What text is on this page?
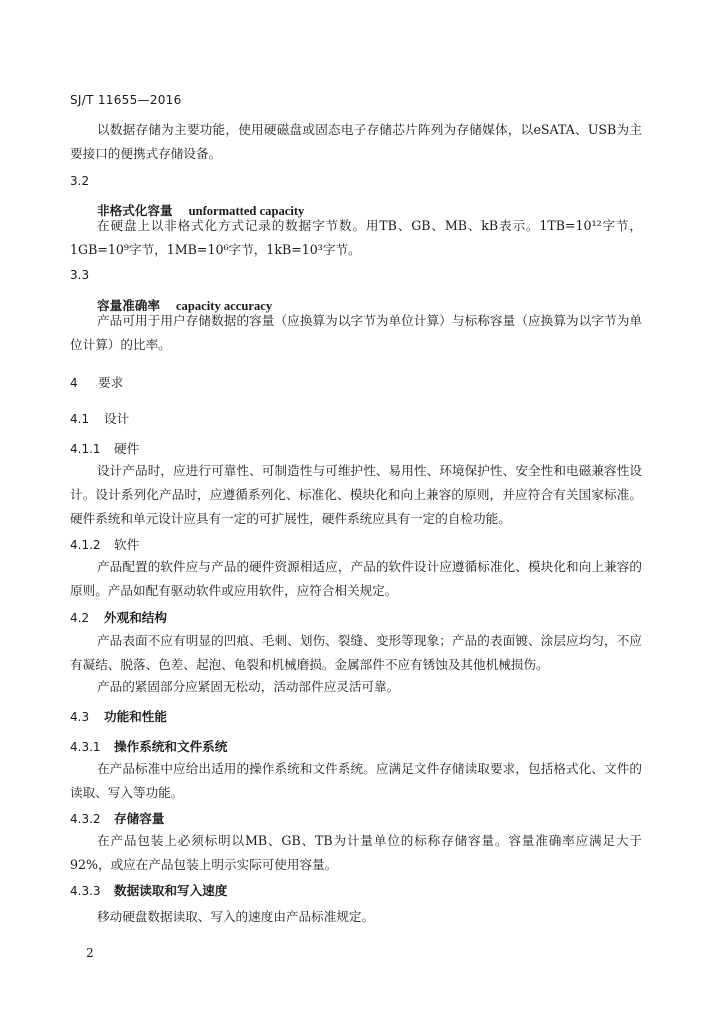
SJ/T 11655—2016
以数据存储为主要功能，使用硬磁盘或固态电子存储芯片阵列为存储媒体，以eSATA、USB为主要接口的便携式存储设备。
3.2
非格式化容量 unformatted capacity
在硬盘上以非格式化方式记录的数据字节数。用TB、GB、MB、kB表示。1TB=10¹²字节，1GB=10⁹字节，1MB=10⁶字节，1kB=10³字节。
3.3
容量准确率 capacity accuracy
产品可用于用户存储数据的容量（应换算为以字节为单位计算）与标称容量（应换算为以字节为单位计算）的比率。
4 要求
4.1 设计
4.1.1 硬件
设计产品时，应进行可靠性、可制造性与可维护性、易用性、环境保护性、安全性和电磁兼容性设计。设计系列化产品时，应遵循系列化、标准化、模块化和向上兼容的原则，并应符合有关国家标准。硬件系统和单元设计应具有一定的可扩展性，硬件系统应具有一定的自检功能。
4.1.2 软件
产品配置的软件应与产品的硬件资源相适应，产品的软件设计应遵循标准化、模块化和向上兼容的原则。产品如配有驱动软件或应用软件，应符合相关规定。
4.2 外观和结构
产品表面不应有明显的凹痕、毛刺、划伤、裂缝、变形等现象；产品的表面镀、涂层应均匀，不应有凝结、脱落、色差、起泡、龟裂和机械磨损。金属部件不应有锈蚀及其他机械损伤。
产品的紧固部分应紧固无松动，活动部件应灵活可靠。
4.3 功能和性能
4.3.1 操作系统和文件系统
在产品标准中应给出适用的操作系统和文件系统。应满足文件存储读取要求，包括格式化、文件的读取、写入等功能。
4.3.2 存储容量
在产品包装上必须标明以MB、GB、TB为计量单位的标称存储容量。容量准确率应满足大于92%，或应在产品包装上明示实际可使用容量。
4.3.3 数据读取和写入速度
移动硬盘数据读取、写入的速度由产品标准规定。
2
